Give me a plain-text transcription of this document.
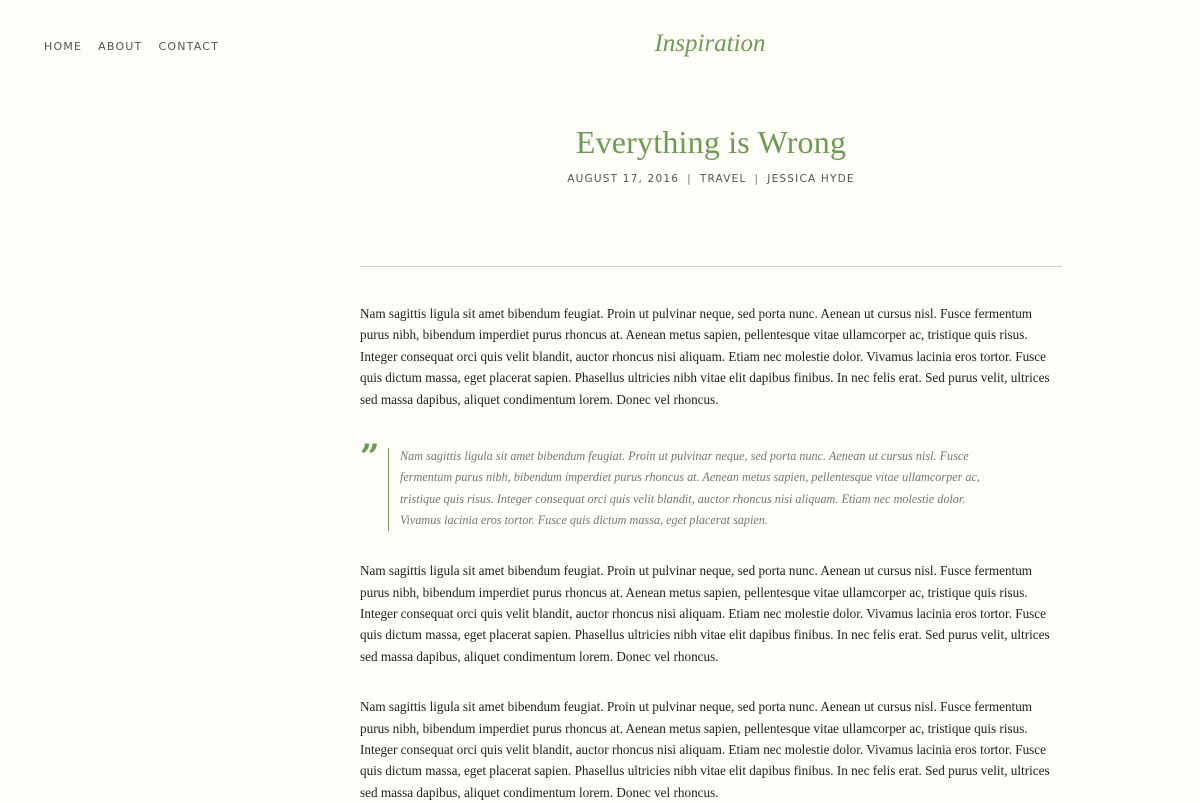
HOME ABOUT CONTACT	Inspiration
Everything is Wrong
AUGUST 17, 2016 | TRAVEL | JESSICA HYDE

Nam sagittis ligula sit amet bibendum feugiat. Proin ut pulvinar neque, sed porta nunc. Aenean ut cursus nisl. Fusce fermentum purus nibh, bibendum imperdiet purus rhoncus at. Aenean metus sapien, pellentesque vitae ullamcorper ac, tristique quis risus. Integer consequat orci quis velit blandit, auctor rhoncus nisi aliquam. Etiam nec molestie dolor. Vivamus lacinia eros tortor. Fusce quis dictum massa, eget placerat sapien. Phasellus ultricies nibh vitae elit dapibus finibus. In nec felis erat. Sed purus velit, ultrices sed massa dapibus, aliquet condimentum lorem. Donec vel rhoncus.

” Nam sagittis ligula sit amet bibendum feugiat. Proin ut pulvinar neque, sed porta nunc. Aenean ut cursus nisl. Fusce fermentum purus nibh, bibendum imperdiet purus rhoncus at. Aenean metus sapien, pellentesque vitae ullamcorper ac, tristique quis risus. Integer consequat orci quis velit blandit, auctor rhoncus nisi aliquam. Etiam nec molestie dolor. Vivamus lacinia eros tortor. Fusce quis dictum massa, eget placerat sapien.

Nam sagittis ligula sit amet bibendum feugiat. Proin ut pulvinar neque, sed porta nunc. Aenean ut cursus nisl. Fusce fermentum purus nibh, bibendum imperdiet purus rhoncus at. Aenean metus sapien, pellentesque vitae ullamcorper ac, tristique quis risus. Integer consequat orci quis velit blandit, auctor rhoncus nisi aliquam. Etiam nec molestie dolor. Vivamus lacinia eros tortor. Fusce quis dictum massa, eget placerat sapien. Phasellus ultricies nibh vitae elit dapibus finibus. In nec felis erat. Sed purus velit, ultrices sed massa dapibus, aliquet condimentum lorem. Donec vel rhoncus.

Nam sagittis ligula sit amet bibendum feugiat. Proin ut pulvinar neque, sed porta nunc. Aenean ut cursus nisl. Fusce fermentum purus nibh, bibendum imperdiet purus rhoncus at. Aenean metus sapien, pellentesque vitae ullamcorper ac, tristique quis risus. Integer consequat orci quis velit blandit, auctor rhoncus nisi aliquam. Etiam nec molestie dolor. Vivamus lacinia eros tortor. Fusce quis dictum massa, eget placerat sapien. Phasellus ultricies nibh vitae elit dapibus finibus. In nec felis erat. Sed purus velit, ultrices sed massa dapibus, aliquet condimentum lorem. Donec vel rhoncus.
